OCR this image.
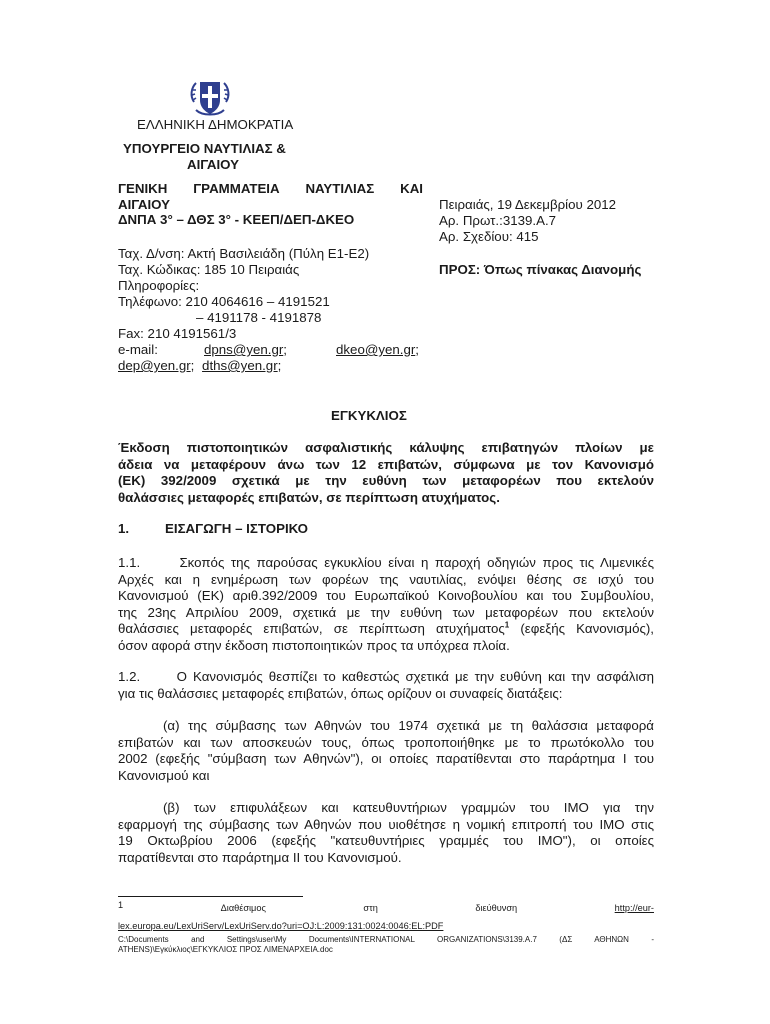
ΕΛΛΗΝΙΚΗ ΔΗΜΟΚΡΑΤΙΑ
ΥΠΟΥΡΓΕΙΟ ΝΑΥΤΙΛΙΑΣ &
ΑΙΓΑΙΟΥ
ΓΕΝΙΚΗ ΓΡΑΜΜΑΤΕΙΑ ΝΑΥΤΙΛΙΑΣ ΚΑΙ
ΑΙΓΑΙΟΥ
ΔΝΠΑ 3° – ΔΘΣ 3° - ΚΕΕΠ/ΔΕΠ-ΔΚΕΟ
Ταχ. Δ/νση: Ακτή Βασιλειάδη (Πύλη Ε1-Ε2)
Ταχ. Κώδικας: 185 10 Πειραιάς
Πληροφορίες:
Τηλέφωνο: 210 4064616 – 4191521
– 4191178 - 4191878
Fax: 210 4191561/3
e-mail:	dpns@yen.gr;	dkeo@yen.gr;
dep@yen.gr; dths@yen.gr;
Πειραιάς, 19 Δεκεμβρίου 2012
Αρ. Πρωτ.:3139.Α.7
Αρ. Σχεδίου: 415
ΠΡΟΣ: Όπως πίνακας Διανομής
ΕΓΚΥΚΛΙΟΣ
Έκδοση πιστοποιητικών ασφαλιστικής κάλυψης επιβατηγών πλοίων με
άδεια να μεταφέρουν άνω των 12 επιβατών, σύμφωνα με τον Κανονισμό
(ΕΚ) 392/2009 σχετικά με την ευθύνη των μεταφορέων που εκτελούν
θαλάσσιες μεταφορές επιβατών, σε περίπτωση ατυχήματος.
1.	ΕΙΣΑΓΩΓΗ – ΙΣΤΟΡΙΚΟ
1.1.      Σκοπός της παρούσας εγκυκλίου είναι η παροχή οδηγιών προς τις Λιμενικές
Αρχές και η ενημέρωση των φορέων της ναυτιλίας, ενόψει θέσης σε ισχύ του
Κανονισμού (ΕΚ) αριθ.392/2009 του Ευρωπαϊκού Κοινοβουλίου και του Συμβουλίου,
της 23ης Απριλίου 2009, σχετικά με την ευθύνη των μεταφορέων που εκτελούν
θαλάσσιες μεταφορές επιβατών, σε περίπτωση ατυχήματος$^1$ (εφεξής Κανονισμός),
όσον αφορά στην έκδοση πιστοποιητικών προς τα υπόχρεα πλοία.
1.2.      Ο Κανονισμός θεσπίζει το καθεστώς σχετικά με την ευθύνη και την ασφάλιση
για τις θαλάσσιες μεταφορές επιβατών, όπως ορίζουν οι συναφείς διατάξεις:
(α) της σύμβασης των Αθηνών του 1974 σχετικά με τη θαλάσσια μεταφορά
επιβατών και των αποσκευών τους, όπως τροποποιήθηκε με το πρωτόκολλο του
2002 (εφεξής "σύμβαση των Αθηνών"), οι οποίες παρατίθενται στο παράρτημα Ι του
Κανονισμού και
(β) των επιφυλάξεων και κατευθυντήριων γραμμών του ΙΜΟ για την
εφαρμογή της σύμβασης των Αθηνών που υιοθέτησε η νομική επιτροπή του ΙΜΟ στις
19 Οκτωβρίου 2006 (εφεξής "κατευθυντήριες γραμμές του ΙΜΟ"), οι οποίες
παρατίθενται στο παράρτημα ΙΙ του Κανονισμού.
1	Διαθέσιμος	στη	διεύθυνση	http://eur-
lex.europa.eu/LexUriServ/LexUriServ.do?uri=OJ:L:2009:131:0024:0046:EL:PDF
C:\Documents and Settings\user\My Documents\INTERNATIONAL ORGANIZATIONS\3139.A.7 (ΔΣ ΑΘΗΝΩΝ -
ATHENS)\Εγκύκλιος\ΕΓΚΥΚΛΙΟΣ ΠΡΟΣ ΛΙΜΕΝΑΡΧΕΙΑ.doc
